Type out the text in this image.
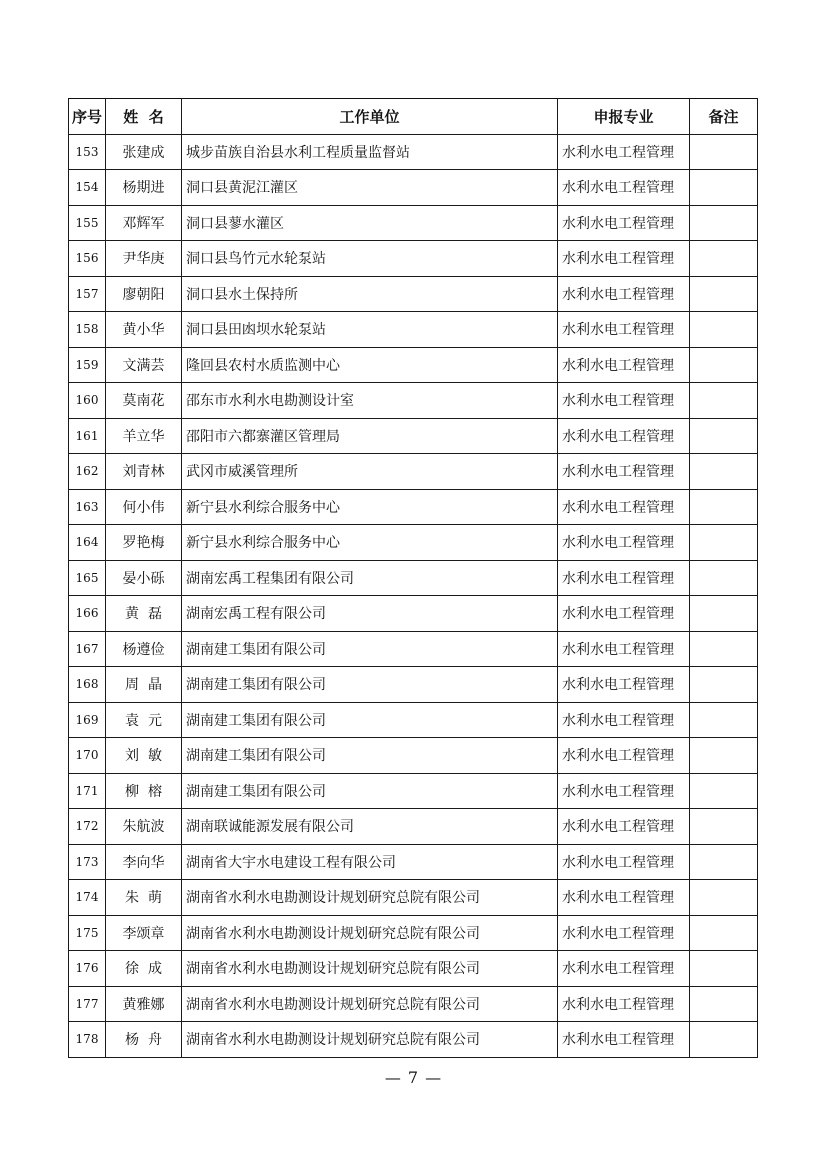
序号	姓  名	工作单位	申报专业	备注
153	张建成	城步苗族自治县水利工程质量监督站	水利水电工程管理	
154	杨期进	洞口县黄泥江灌区	水利水电工程管理	
155	邓辉军	洞口县蓼水灌区	水利水电工程管理	
156	尹华庚	洞口县鸟竹元水轮泵站	水利水电工程管理	
157	廖朝阳	洞口县水土保持所	水利水电工程管理	
158	黄小华	洞口县田凼坝水轮泵站	水利水电工程管理	
159	文满芸	隆回县农村水质监测中心	水利水电工程管理	
160	莫南花	邵东市水利水电勘测设计室	水利水电工程管理	
161	羊立华	邵阳市六都寨灌区管理局	水利水电工程管理	
162	刘青林	武冈市威溪管理所	水利水电工程管理	
163	何小伟	新宁县水利综合服务中心	水利水电工程管理	
164	罗艳梅	新宁县水利综合服务中心	水利水电工程管理	
165	晏小砾	湖南宏禹工程集团有限公司	水利水电工程管理	
166	黄  磊	湖南宏禹工程有限公司	水利水电工程管理	
167	杨遵俭	湖南建工集团有限公司	水利水电工程管理	
168	周  晶	湖南建工集团有限公司	水利水电工程管理	
169	袁  元	湖南建工集团有限公司	水利水电工程管理	
170	刘  敏	湖南建工集团有限公司	水利水电工程管理	
171	柳  榕	湖南建工集团有限公司	水利水电工程管理	
172	朱航波	湖南联诚能源发展有限公司	水利水电工程管理	
173	李向华	湖南省大宇水电建设工程有限公司	水利水电工程管理	
174	朱  萌	湖南省水利水电勘测设计规划研究总院有限公司	水利水电工程管理	
175	李颂章	湖南省水利水电勘测设计规划研究总院有限公司	水利水电工程管理	
176	徐  成	湖南省水利水电勘测设计规划研究总院有限公司	水利水电工程管理	
177	黄雅娜	湖南省水利水电勘测设计规划研究总院有限公司	水利水电工程管理	
178	杨  舟	湖南省水利水电勘测设计规划研究总院有限公司	水利水电工程管理	
— 7 —
